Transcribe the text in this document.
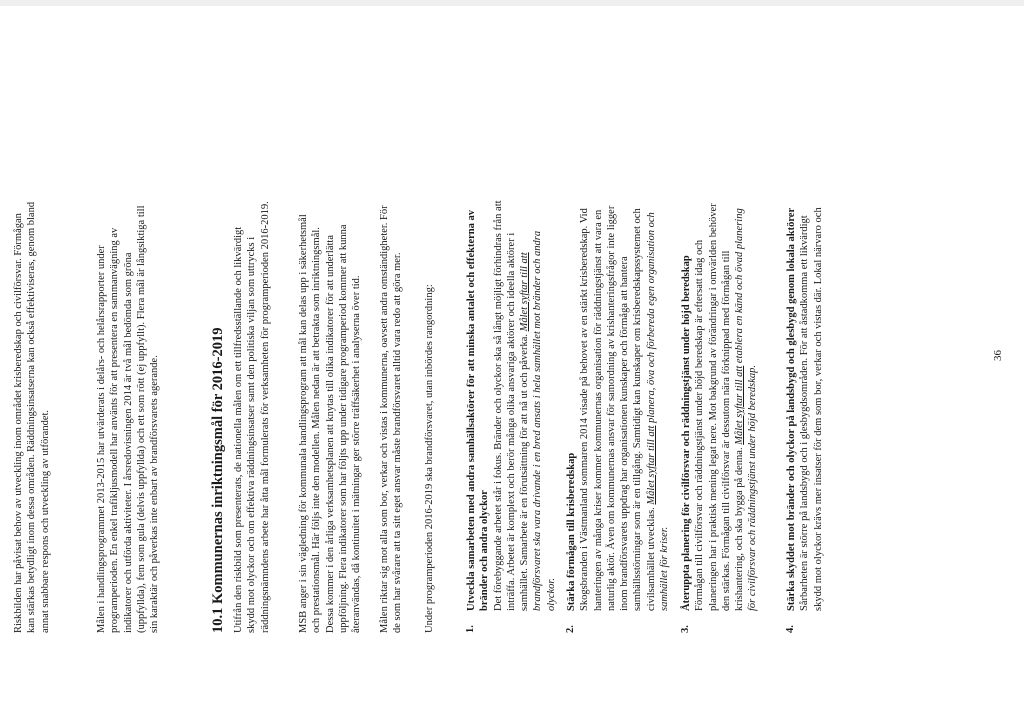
Riskbilden har påvisat behov av utveckling inom området krisberedskap och civilförsvar. Förmågan kan stärkas betydligt inom dessa områden. Räddningsinsatserna kan också effektiviseras, genom bland annat snabbare respons och utveckling av utförandet.	Målen i handlingsprogrammet 2013-2015 har utvärderats i delårs- och helårsrapporter under programperioden. En enkel trafikljusmodell har använts för att presentera en sammanvägning av indikatorer och utförda aktiviteter. I årsredovisningen 2014 är två mål bedömda som gröna (uppfyllda), fem som gula (delvis uppfyllda) och ett som rött (ej uppfyllt). Flera mål är långsiktiga till sin karaktär och påverkas inte enbart av brandförsvarets agerande.	10.1 Kommunernas inriktningsmål för 2016-2019 Utifrån den riskbild som presenterats, de nationella målen om ett tillfredsställande och likvärdigt skydd mot olyckor och om effektiva räddningsinsatser samt den politiska viljan som uttrycks i räddningsnämndens arbete har åtta mål formulerats för verksamheten för programperioden 2016-2019.	MSB anger i sin vägledning för kommunala handlingsprogram att mål kan delas upp i säkerhetsmål och prestationsmål. Här följs inte den modellen. Målen nedan är att betrakta som inriktningsmål. Dessa kommer i den årliga verksamhetsplanen att knytas till olika indikatorer för att underlätta uppföljning. Flera indikatorer som har följts upp under tidigare programperiod kommer att kunna återanvändas, då kontinuitet i mätningar ger större träffsäkerhet i analyserna över tid. Målen riktar sig mot alla som bor, verkar och vistas i kommunerna, oavsett andra omständigheter. För de som har svårare att ta sitt eget ansvar måste brandförsvaret alltid vara redo att göra mer. Under programperioden 2016-2019 ska brandförsvaret, utan inbördes rangordning:	1.
Utveckla samarbeten med andra samhällsaktörer för att minska antalet och effekterna av bränder och andra olyckor Det förebyggande arbetet står i fokus. Bränder och olyckor ska så långt möjligt förhindras från att inträffa. Arbetet är komplext och berör många olika ansvariga aktörer och ideella aktörer i samhället. Samarbete är en förutsättning för att nå ut och påverka. Målet syftar till att brandförsvaret ska vara drivande i en bred ansats i hela samhället mot bränder och andra olyckor.
2.
Stärka förmågan till krisberedskap Skogsbranden i Västmanland sommaren 2014 visade på behovet av en stärkt krisberedskap. Vid hanteringen av många kriser kommer kommunernas organisation för räddningstjänst att vara en naturlig aktör. Även om kommunernas ansvar för samordning av krishanteringsfrågor inte ligger inom brandförsvarets uppdrag har organisationen kunskaper och förmåga att hantera samhällsstörningar som är en tillgång. Samtidigt kan kunskaper om krisberedskapssystemet och civilsamhället utvecklas. Målet syftar till att planera, öva och förbereda egen organisation och
samhället för kriser.
3.
Återuppta planering för civilförsvar och räddningstjänst under höjd beredskap Förmågan till civilförsvar och räddningstjänst under höjd beredskap är eftersatt idag och planeringen har i praktisk mening legat nere. Mot bakgrund av förändringar i omvärlden behöver den stärkas. Förmågan till civilförsvar är dessutom nära förknippad med förmågan till krishantering, och ska bygga på denna. Målet syftar till att etablera en känd och övad planering
för civilförsvar och räddningstjänst under höjd beredskap.
4.
Stärka skyddet mot bränder och olyckor på landsbygd och glesbygd genom lokala aktörer Sårbarheten är större på landsbygd och i glesbygdsområden. För att åstadkomma ett likvärdigt skydd mot olyckor krävs mer insatser för dem som bor, verkar och vistas där. Lokal närvaro och	36
